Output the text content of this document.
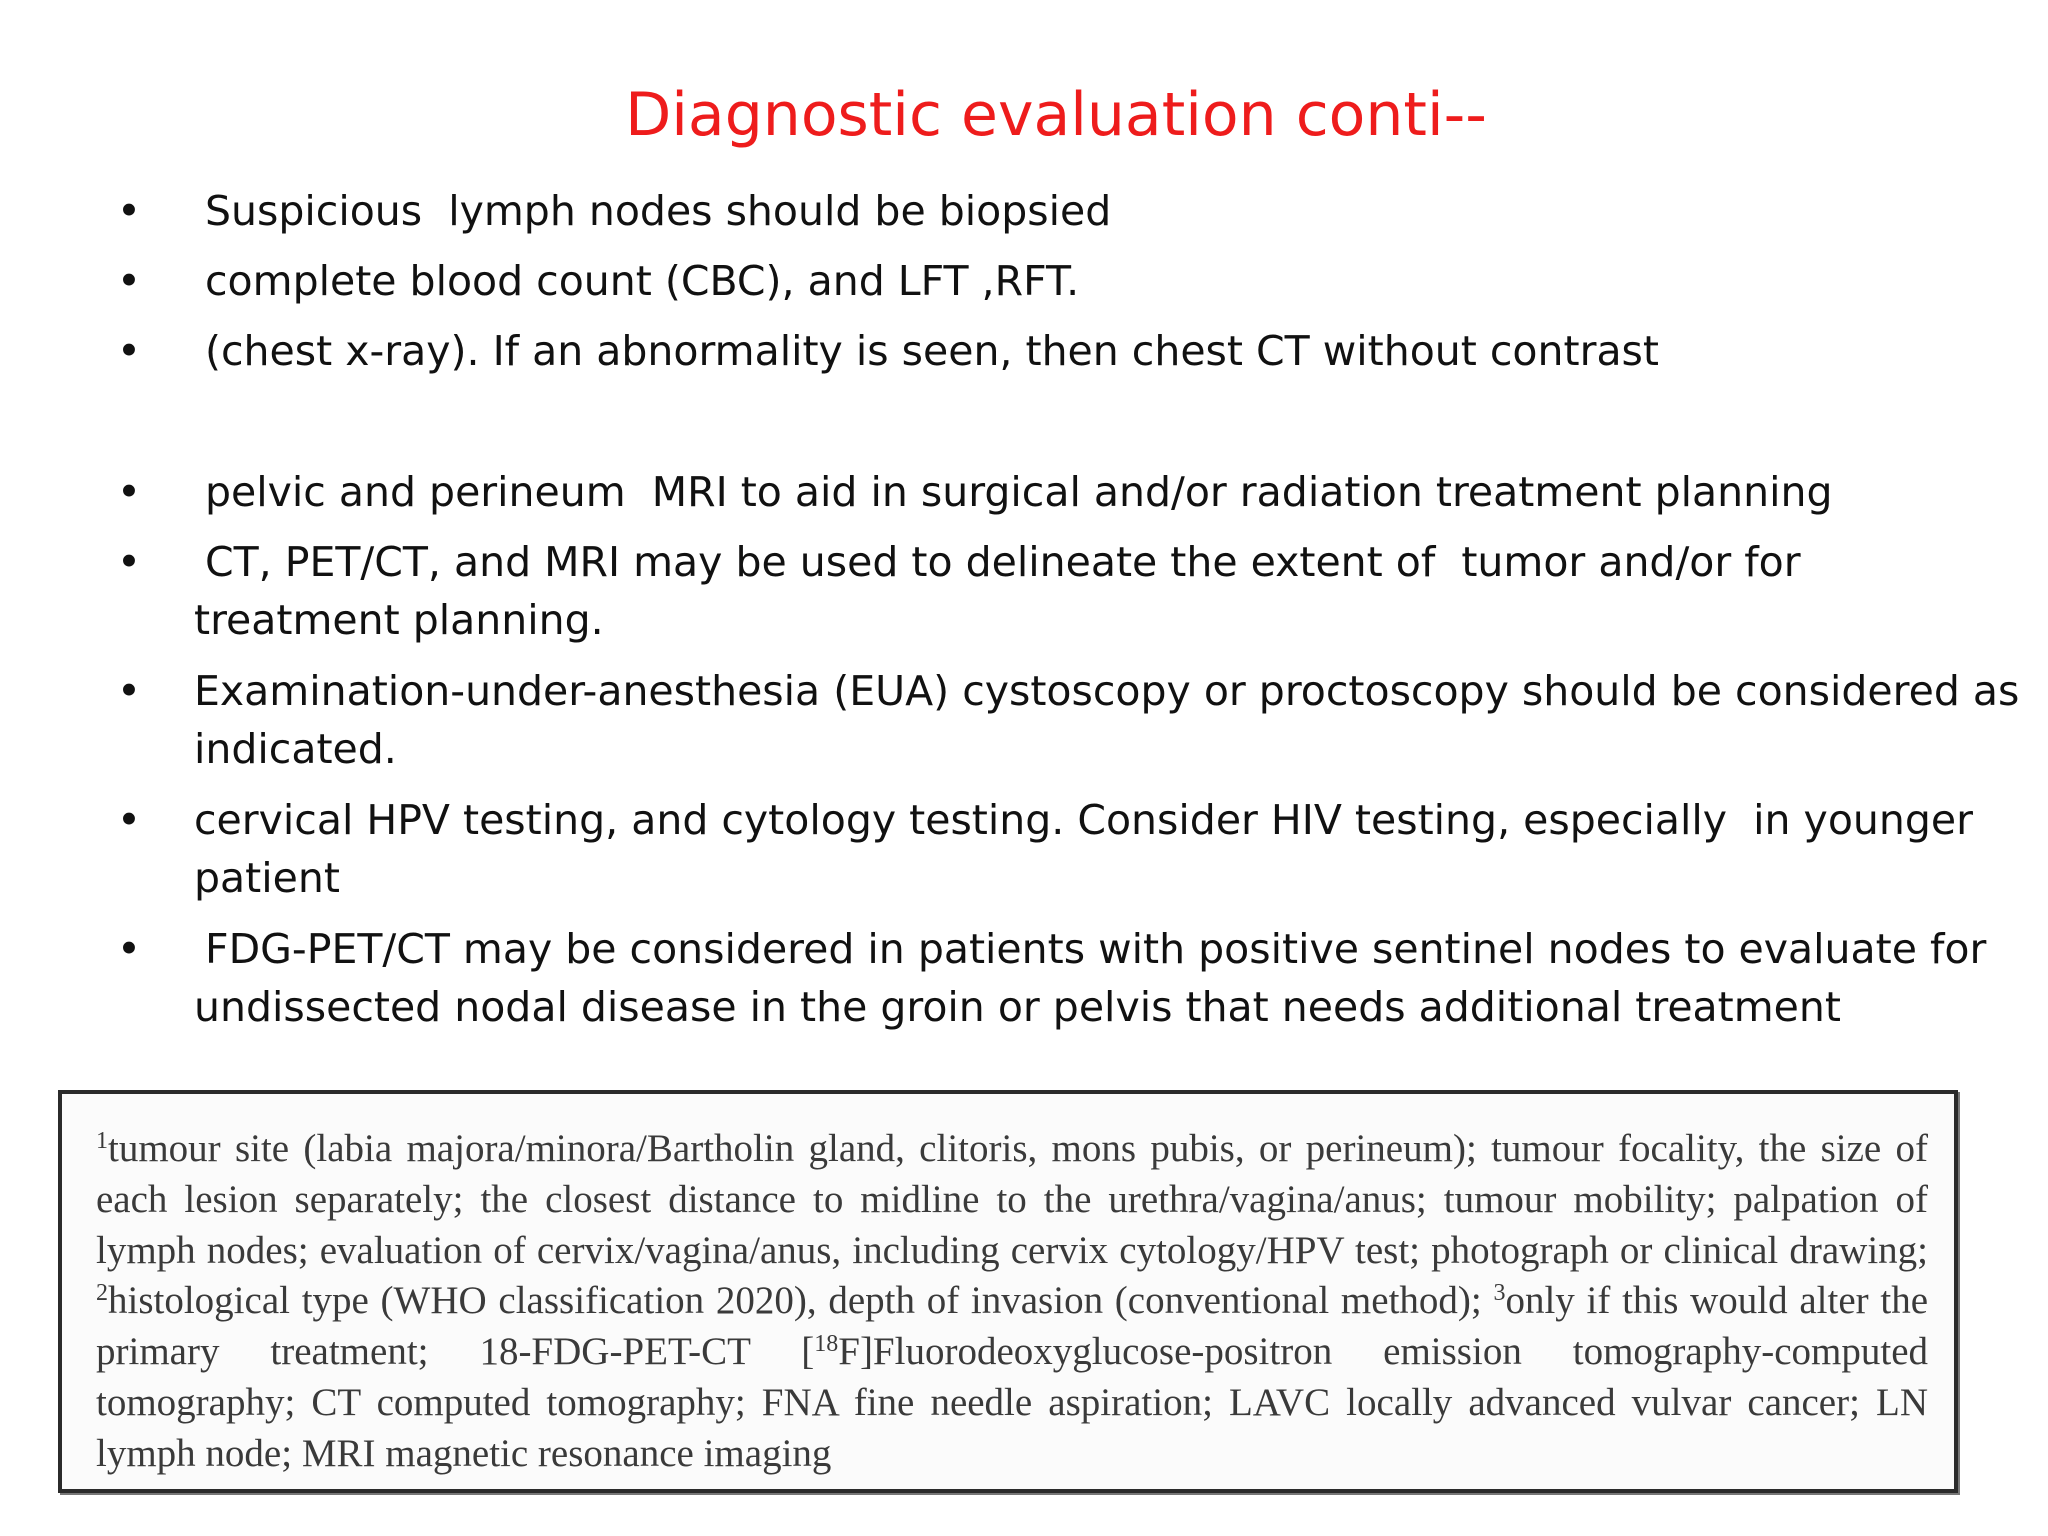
Diagnostic evaluation conti--
• Suspicious  lymph nodes should be biopsied
• complete blood count (CBC), and LFT ,RFT.
• (chest x-ray). If an abnormality is seen, then chest CT without contrast
• pelvic and perineum  MRI to aid in surgical and/or radiation treatment planning
• CT, PET/CT, and MRI may be used to delineate the extent of  tumor and/or for
treatment planning.
• Examination-under-anesthesia (EUA) cystoscopy or proctoscopy should be considered as
indicated.
• cervical HPV testing, and cytology testing. Consider HIV testing, especially  in younger
patient
• FDG-PET/CT may be considered in patients with positive sentinel nodes to evaluate for
undissected nodal disease in the groin or pelvis that needs additional treatment

$^1$tumour site (labia majora/minora/Bartholin gland, clitoris, mons pubis, or perineum); tumour focality, the size of each lesion separately; the closest distance to midline to the urethra/vagina/anus; tumour mobility; palpation of lymph nodes; evaluation of cervix/vagina/anus, including cervix cytology/HPV test; photograph or clinical drawing; $^2$histological type (WHO classification 2020), depth of invasion (conventional method); $^3$only if this would alter the primary treatment; 18-FDG-PET-CT [$^{18}$F]Fluorodeoxyglucose-positron emission tomography-computed tomography; CT computed tomography; FNA fine needle aspiration; LAVC locally advanced vulvar cancer; LN lymph node; MRI magnetic resonance imaging
